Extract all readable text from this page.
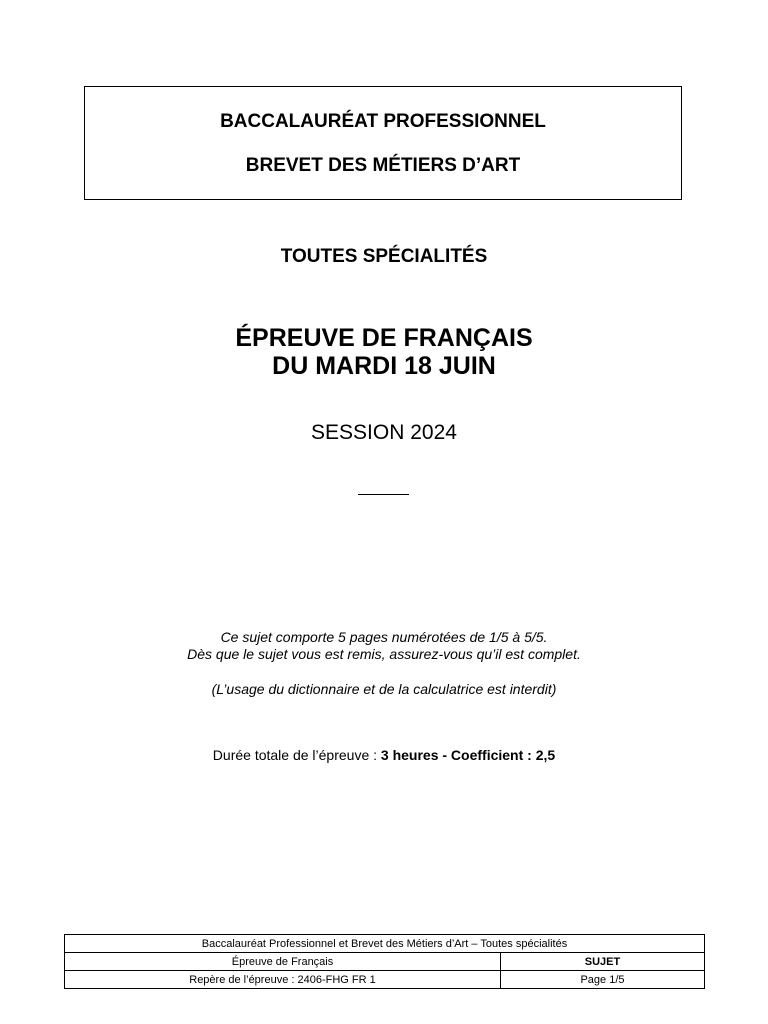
BACCALAURÉAT PROFESSIONNEL
BREVET DES MÉTIERS D’ART
TOUTES SPÉCIALITÉS
ÉPREUVE DE FRANÇAIS
DU MARDI 18 JUIN
SESSION 2024
Ce sujet comporte 5 pages numérotées de 1/5 à 5/5.
Dès que le sujet vous est remis, assurez-vous qu’il est complet.
(L’usage du dictionnaire et de la calculatrice est interdit)
Durée totale de l’épreuve : 3 heures - Coefficient : 2,5
Baccalauréat Professionnel et Brevet des Métiers d’Art – Toutes spécialités	
Épreuve de Français	SUJET
Repère de l’épreuve : 2406-FHG FR 1	Page 1/5
